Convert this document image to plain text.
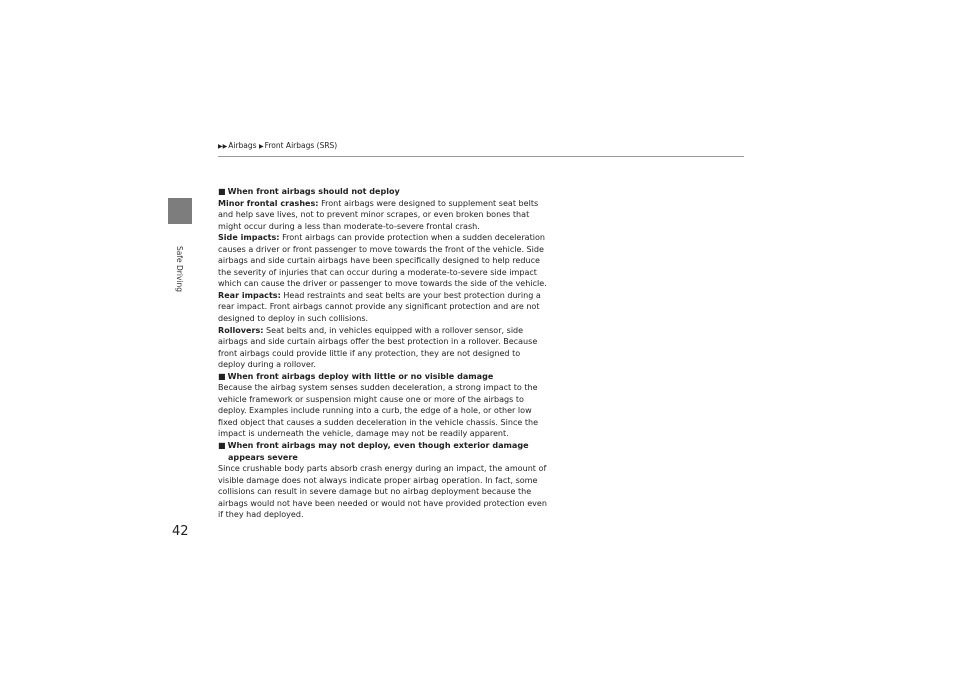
Safe Driving
42
▶▶Airbags ▶Front Airbags (SRS)

■ When front airbags should not deploy

Minor frontal crashes: Front airbags were designed to supplement seat belts and help save lives, not to prevent minor scrapes, or even broken bones that might occur during a less than moderate-to-severe frontal crash.

Side impacts: Front airbags can provide protection when a sudden deceleration causes a driver or front passenger to move towards the front of the vehicle. Side airbags and side curtain airbags have been specifically designed to help reduce the severity of injuries that can occur during a moderate-to-severe side impact which can cause the driver or passenger to move towards the side of the vehicle.

Rear impacts: Head restraints and seat belts are your best protection during a rear impact. Front airbags cannot provide any significant protection and are not designed to deploy in such collisions.

Rollovers: Seat belts and, in vehicles equipped with a rollover sensor, side airbags and side curtain airbags offer the best protection in a rollover. Because front airbags could provide little if any protection, they are not designed to deploy during a rollover.

■ When front airbags deploy with little or no visible damage

Because the airbag system senses sudden deceleration, a strong impact to the vehicle framework or suspension might cause one or more of the airbags to deploy. Examples include running into a curb, the edge of a hole, or other low fixed object that causes a sudden deceleration in the vehicle chassis. Since the impact is underneath the vehicle, damage may not be readily apparent.

■ When front airbags may not deploy, even though exterior damage

appears severe

Since crushable body parts absorb crash energy during an impact, the amount of visible damage does not always indicate proper airbag operation. In fact, some collisions can result in severe damage but no airbag deployment because the airbags would not have been needed or would not have provided protection even if they had deployed.
